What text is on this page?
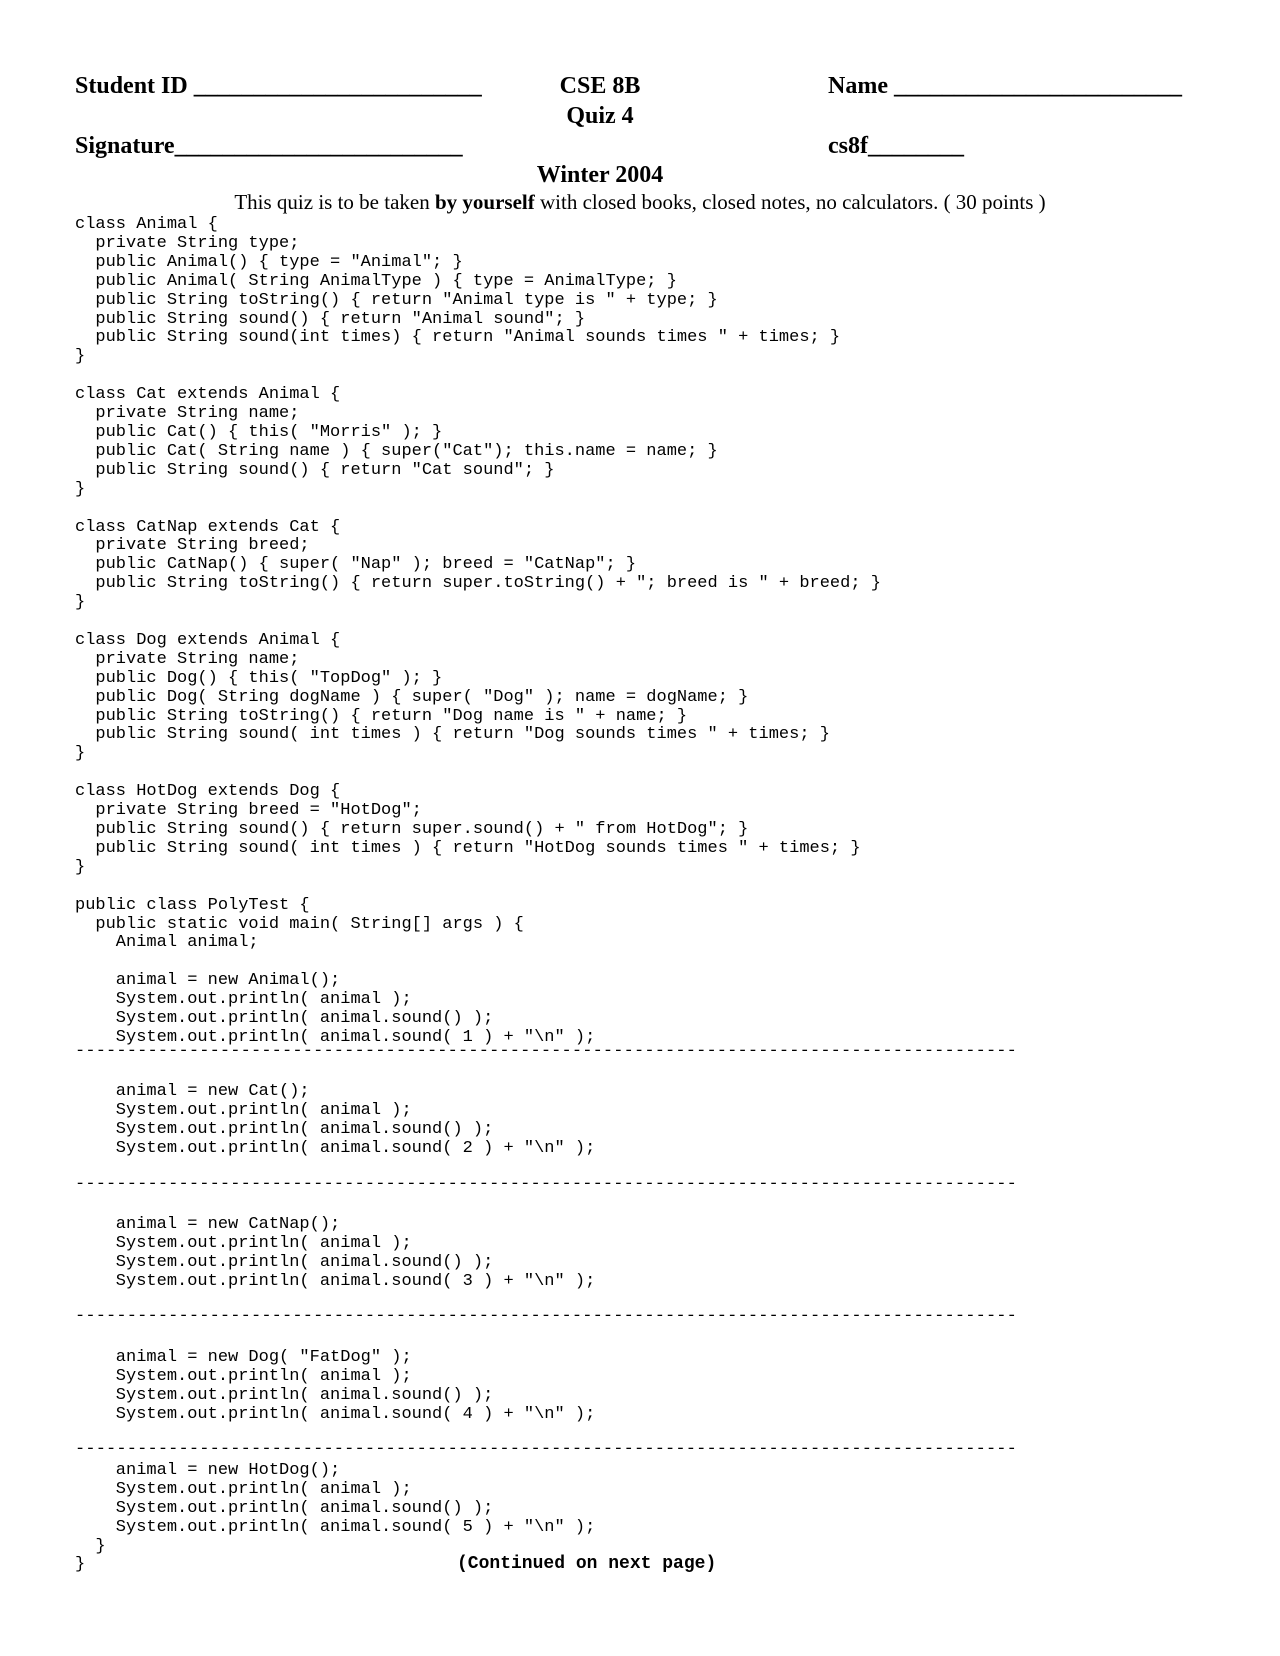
Student ID ________________________	CSE 8B	Name ________________________
Quiz 4
Signature________________________	cs8f________
Winter 2004
This quiz is to be taken by yourself with closed books, closed notes, no calculators. ( 30 points )
class Animal {
private String type;
public Animal() { type = "Animal"; }
public Animal( String AnimalType ) { type = AnimalType; }
public String toString() { return "Animal type is " + type; }
public String sound() { return "Animal sound"; }
public String sound(int times) { return "Animal sounds times " + times; }
}

class Cat extends Animal {
private String name;
public Cat() { this( "Morris" ); }
public Cat( String name ) { super("Cat"); this.name = name; }
public String sound() { return "Cat sound"; }
}

class CatNap extends Cat {
private String breed;
public CatNap() { super( "Nap" ); breed = "CatNap"; }
public String toString() { return super.toString() + "; breed is " + breed; }
}

class Dog extends Animal {
private String name;
public Dog() { this( "TopDog" ); }
public Dog( String dogName ) { super( "Dog" ); name = dogName; }
public String toString() { return "Dog name is " + name; }
public String sound( int times ) { return "Dog sounds times " + times; }
}

class HotDog extends Dog {
private String breed = "HotDog";
public String sound() { return super.sound() + " from HotDog"; }
public String sound( int times ) { return "HotDog sounds times " + times; }
}

public class PolyTest {
public static void main( String[] args ) {
Animal animal;

animal = new Animal();
System.out.println( animal );
System.out.println( animal.sound() );
System.out.println( animal.sound( 1 ) + "\n" );
-------------------------------------------------------------------------------------------
animal = new Cat();
System.out.println( animal );
System.out.println( animal.sound() );
System.out.println( animal.sound( 2 ) + "\n" );
-------------------------------------------------------------------------------------------
animal = new CatNap();
System.out.println( animal );
System.out.println( animal.sound() );
System.out.println( animal.sound( 3 ) + "\n" );
-------------------------------------------------------------------------------------------
animal = new Dog( "FatDog" );
System.out.println( animal );
System.out.println( animal.sound() );
System.out.println( animal.sound( 4 ) + "\n" );
-------------------------------------------------------------------------------------------
animal = new HotDog();
System.out.println( animal );
System.out.println( animal.sound() );
System.out.println( animal.sound( 5 ) + "\n" );
}
}	(Continued on next page)
